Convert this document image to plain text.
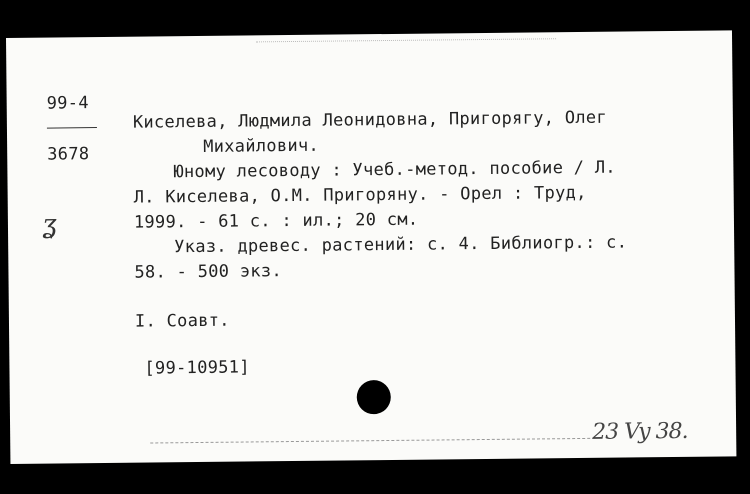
99-4
3678
ʓ
Киселева, Людмила Леонидовна, Пригорягу, Олег
Михайлович.
Юному лесоводу : Учеб.-метод. пособие / Л.
Л. Киселева, О.М. Пригоряну. - Орел : Труд,
1999. - 61 с. : ил.; 20 см.
Указ. древес. растений: с. 4. Библиогр.: с.
58. - 500 экз.
I. Соавт.
[99-10951]
23 Vy 38.
